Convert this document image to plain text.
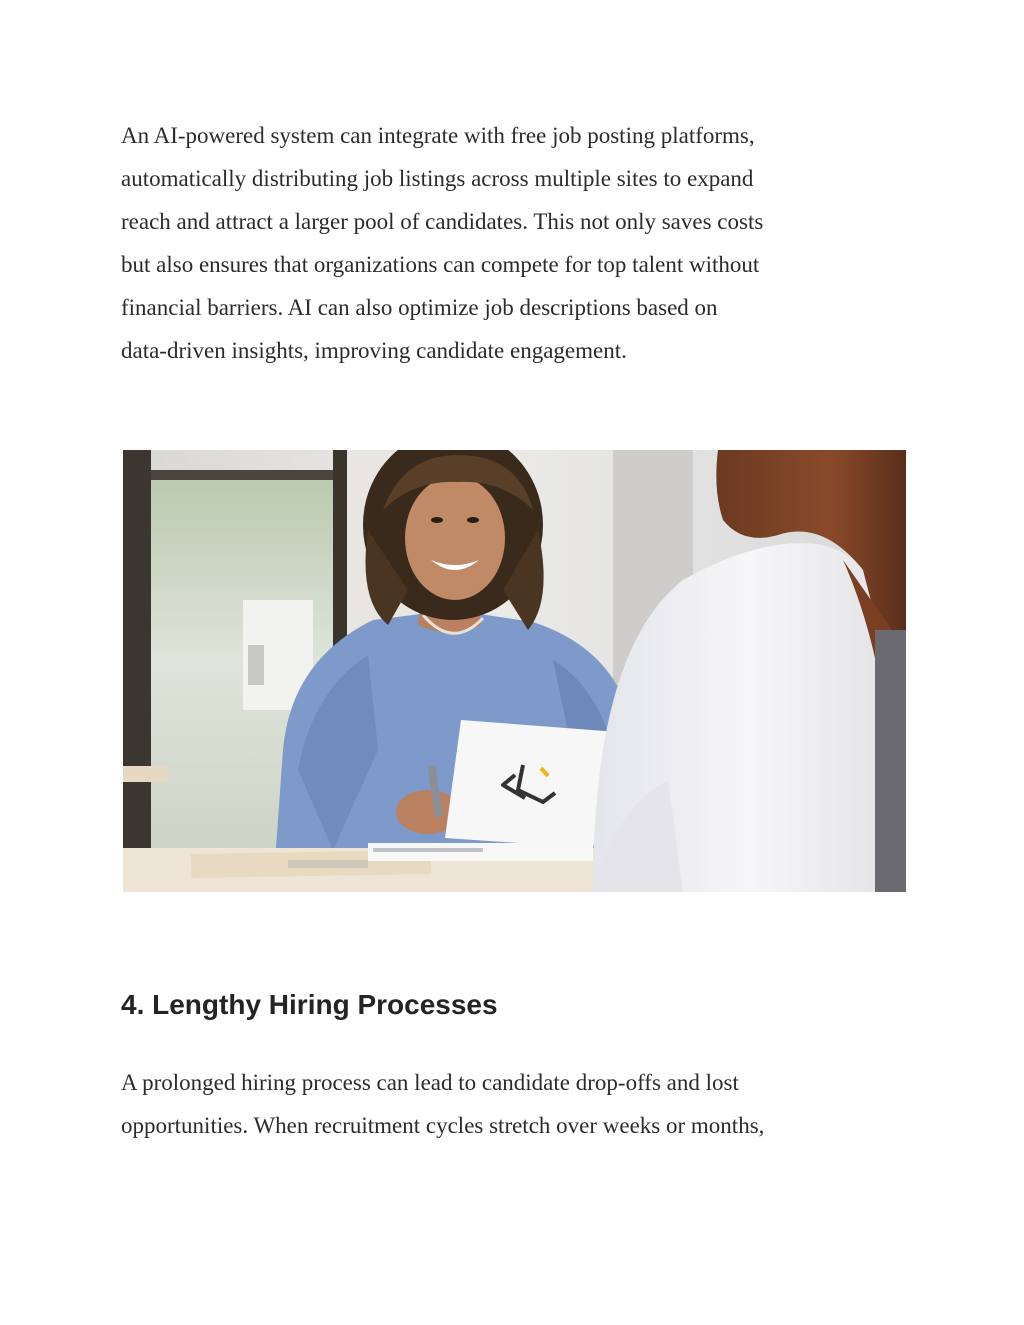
An AI-powered system can integrate with free job posting platforms,
automatically distributing job listings across multiple sites to expand
reach and attract a larger pool of candidates. This not only saves costs
but also ensures that organizations can compete for top talent without
financial barriers. AI can also optimize job descriptions based on
data-driven insights, improving candidate engagement.

4. Lengthy Hiring Processes

A prolonged hiring process can lead to candidate drop-offs and lost
opportunities. When recruitment cycles stretch over weeks or months,
